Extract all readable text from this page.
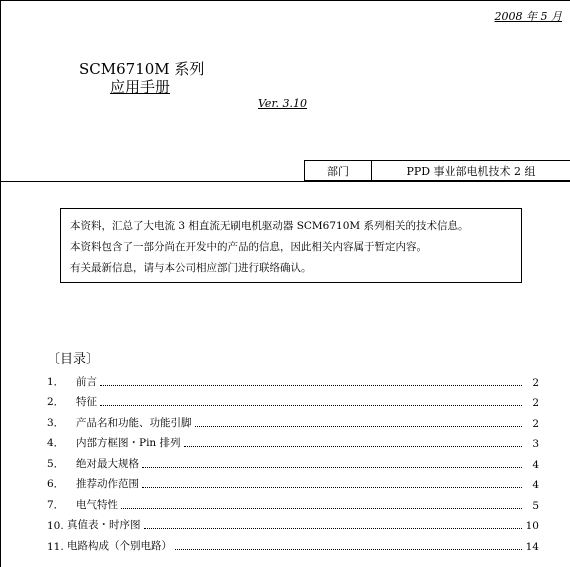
2008 年 5 月
SCM6710M 系列
应用手册
Ver. 3.10
部门	PPD 事业部电机技术 2 组
本资料，汇总了大电流 3 相直流无刷电机驱动器 SCM6710M 系列相关的技术信息。
本资料包含了一部分尚在开发中的产品的信息，因此相关内容属于暂定内容。
有关最新信息，请与本公司相应部门进行联络确认。
〔目录〕
1．	前言	2
2．	特征	2
3．	产品名和功能、功能引脚	2
4．	内部方框图・Pin 排列	3
5．	绝对最大规格	4
6．	推荐动作范围	4
7．	电气特性	5
10. 真值表・时序图	10
11. 电路构成（个别电路）	14
